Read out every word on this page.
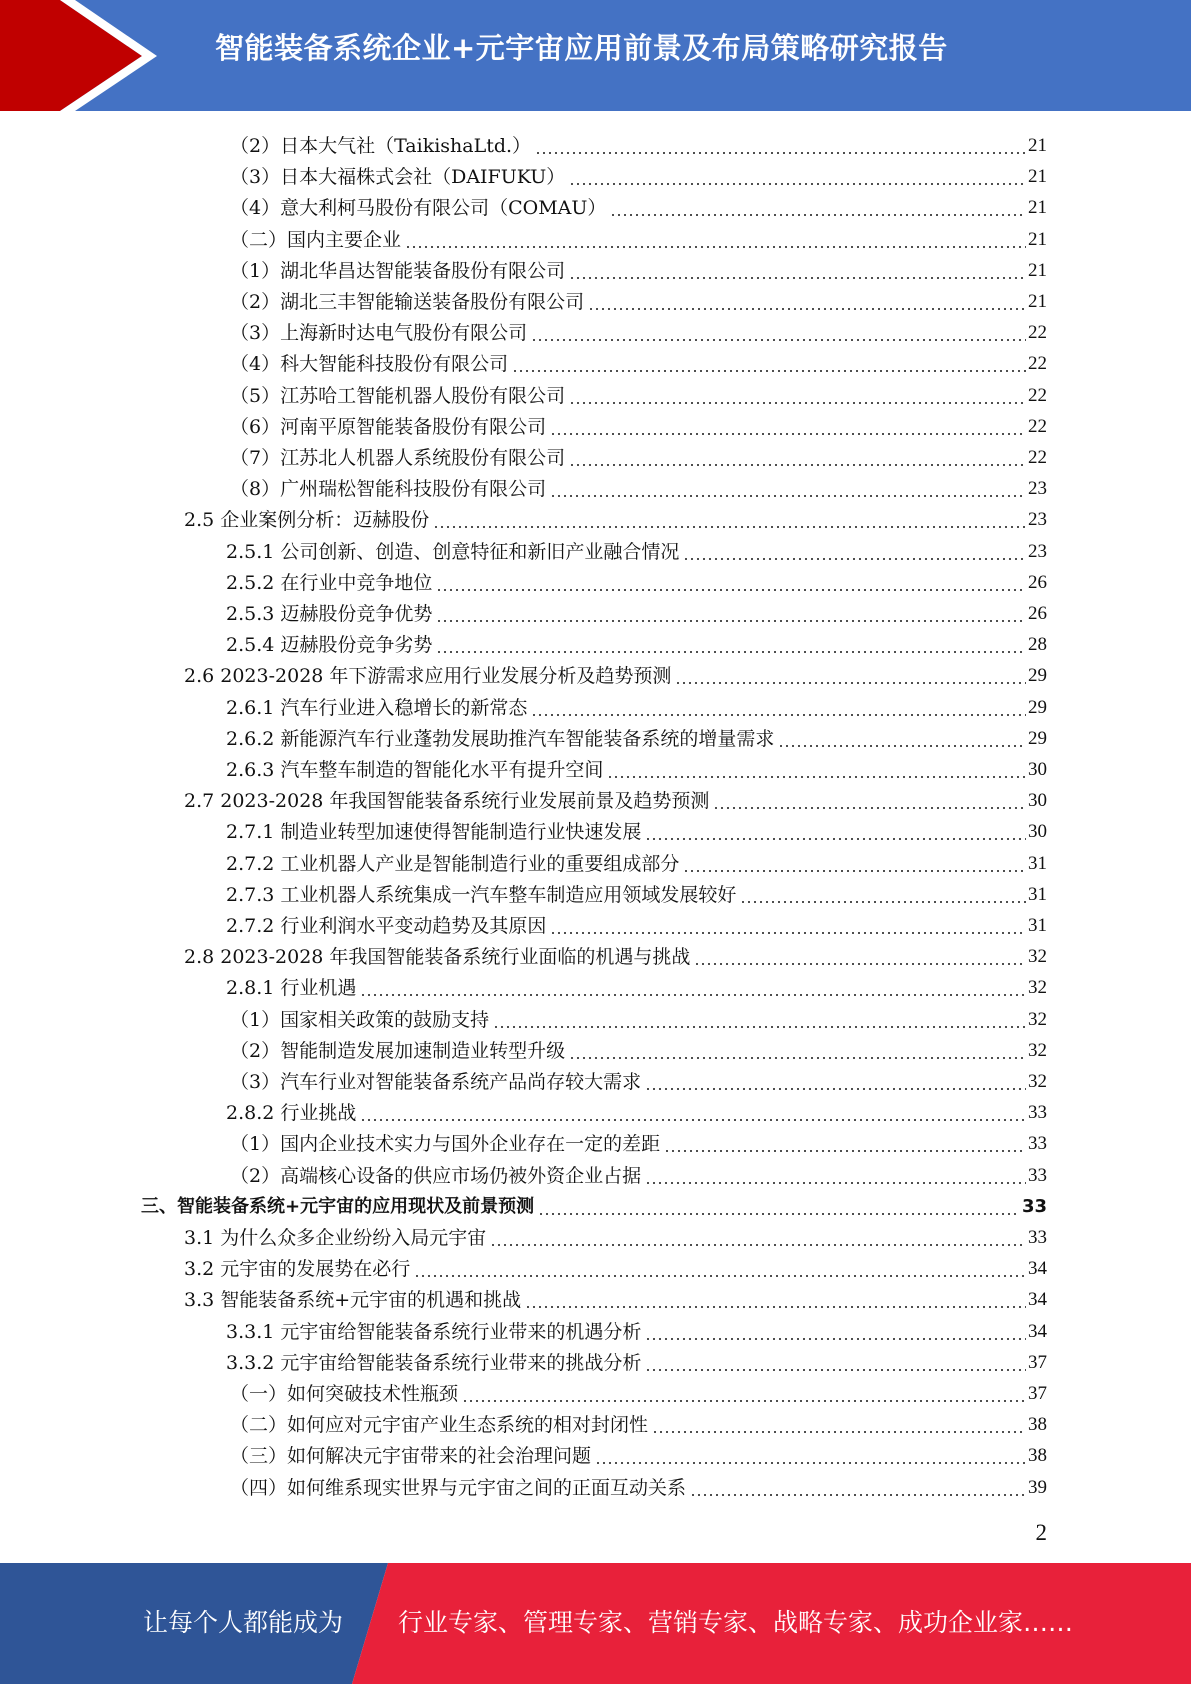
智能装备系统企业+元宇宙应用前景及布局策略研究报告
（2）日本大气社（TaikishaLtd.）	21
（3）日本大福株式会社（DAIFUKU）	21
（4）意大利柯马股份有限公司（COMAU）	21
（二）国内主要企业	21
（1）湖北华昌达智能装备股份有限公司	21
（2）湖北三丰智能输送装备股份有限公司	21
（3）上海新时达电气股份有限公司	22
（4）科大智能科技股份有限公司	22
（5）江苏哈工智能机器人股份有限公司	22
（6）河南平原智能装备股份有限公司	22
（7）江苏北人机器人系统股份有限公司	22
（8）广州瑞松智能科技股份有限公司	23
2.5 企业案例分析：迈赫股份	23
2.5.1 公司创新、创造、创意特征和新旧产业融合情况	23
2.5.2 在行业中竞争地位	26
2.5.3 迈赫股份竞争优势	26
2.5.4 迈赫股份竞争劣势	28
2.6 2023-2028 年下游需求应用行业发展分析及趋势预测	29
2.6.1 汽车行业进入稳增长的新常态	29
2.6.2 新能源汽车行业蓬勃发展助推汽车智能装备系统的增量需求	29
2.6.3 汽车整车制造的智能化水平有提升空间	30
2.7 2023-2028 年我国智能装备系统行业发展前景及趋势预测	30
2.7.1 制造业转型加速使得智能制造行业快速发展	30
2.7.2 工业机器人产业是智能制造行业的重要组成部分	31
2.7.3 工业机器人系统集成一汽车整车制造应用领域发展较好	31
2.7.2 行业利润水平变动趋势及其原因	31
2.8 2023-2028 年我国智能装备系统行业面临的机遇与挑战	32
2.8.1 行业机遇	32
（1）国家相关政策的鼓励支持	32
（2）智能制造发展加速制造业转型升级	32
（3）汽车行业对智能装备系统产品尚存较大需求	32
2.8.2 行业挑战	33
（1）国内企业技术实力与国外企业存在一定的差距	33
（2）高端核心设备的供应市场仍被外资企业占据	33
三、智能装备系统+元宇宙的应用现状及前景预测	33
3.1 为什么众多企业纷纷入局元宇宙	33
3.2 元宇宙的发展势在必行	34
3.3 智能装备系统+元宇宙的机遇和挑战	34
3.3.1 元宇宙给智能装备系统行业带来的机遇分析	34
3.3.2 元宇宙给智能装备系统行业带来的挑战分析	37
（一）如何突破技术性瓶颈	37
（二）如何应对元宇宙产业生态系统的相对封闭性	38
（三）如何解决元宇宙带来的社会治理问题	38
（四）如何维系现实世界与元宇宙之间的正面互动关系	39
2
让每个人都能成为 行业专家、管理专家、营销专家、战略专家、成功企业家……
